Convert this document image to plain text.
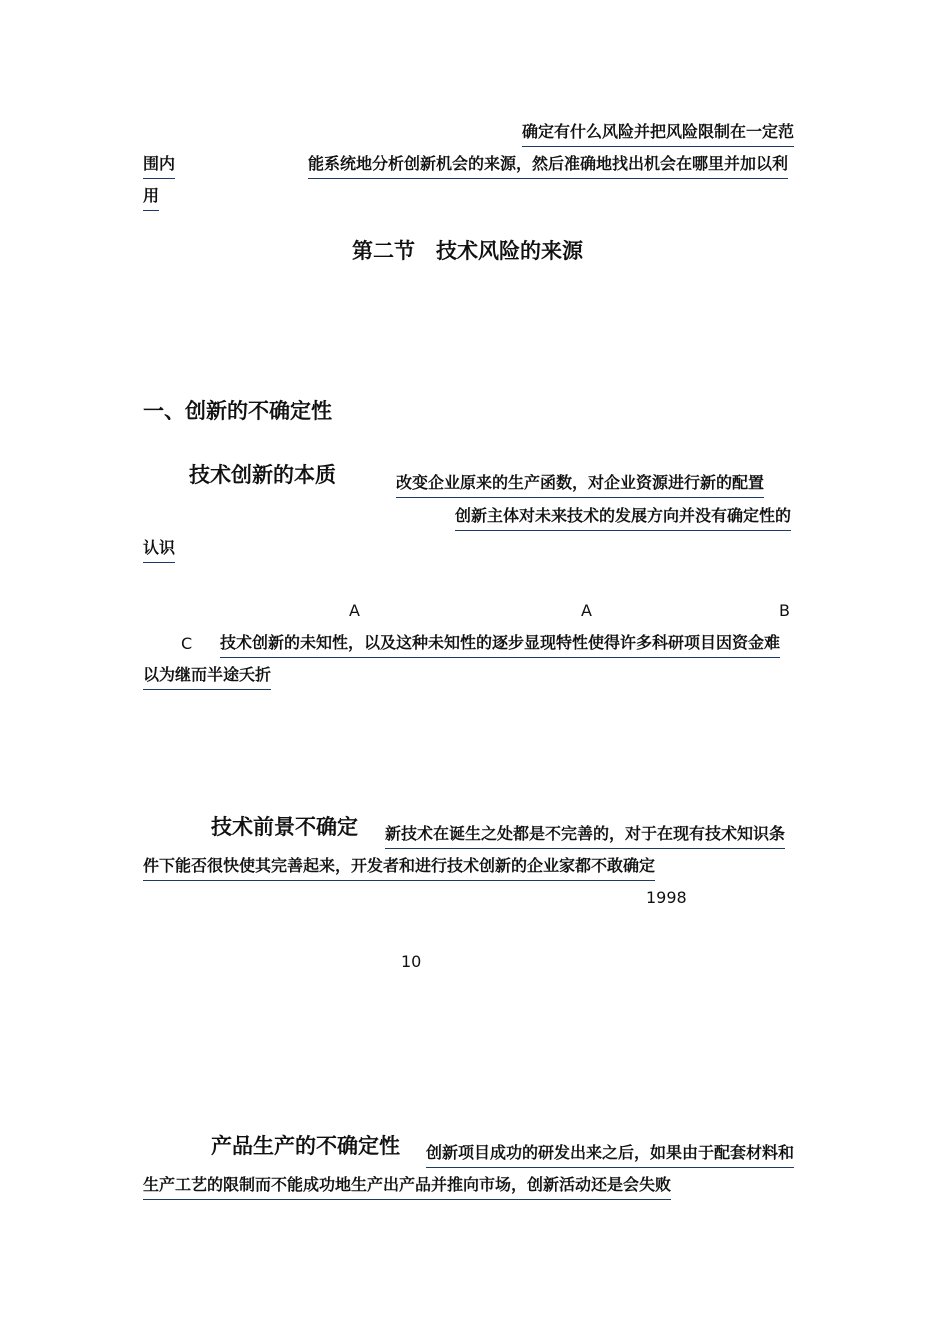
确定有什么风险并把风险限制在一定范
围内	能系统地分析创新机会的来源，然后准确地找出机会在哪里并加以利
用
第二节　技术风险的来源
一、创新的不确定性
技术创新的本质	改变企业原来的生产函数，对企业资源进行新的配置
创新主体对未来技术的发展方向并没有确定性的
认识
A	A	B
C 技术创新的未知性，以及这种未知性的逐步显现特性使得许多科研项目因资金难
以为继而半途夭折
技术前景不确定 新技术在诞生之处都是不完善的，对于在现有技术知识条
件下能否很快使其完善起来，开发者和进行技术创新的企业家都不敢确定
1998
10
产品生产的不确定性 创新项目成功的研发出来之后，如果由于配套材料和
生产工艺的限制而不能成功地生产出产品并推向市场，创新活动还是会失败
